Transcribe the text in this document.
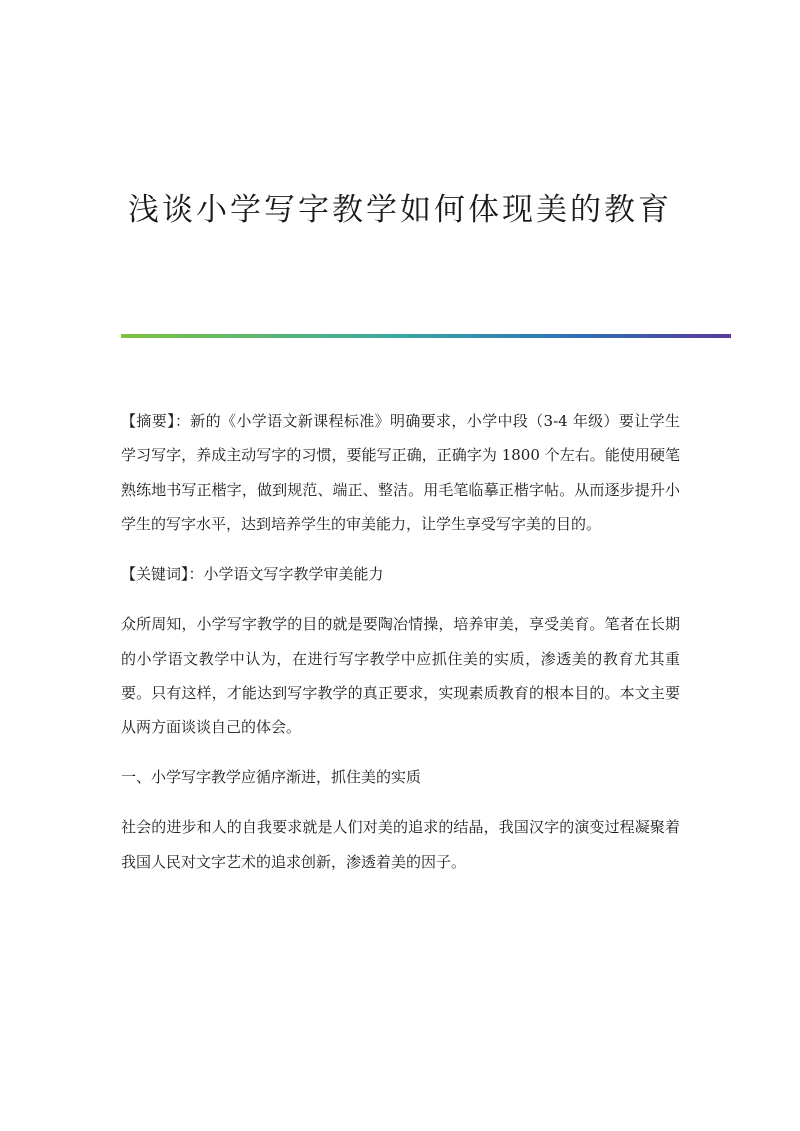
浅谈小学写字教学如何体现美的教育

【摘要】：新的《小学语文新课程标准》明确要求，小学中段（3-4 年级）要让学生学习写字，养成主动写字的习惯，要能写正确，正确字为 1800 个左右。能使用硬笔熟练地书写正楷字，做到规范、端正、整洁。用毛笔临摹正楷字帖。从而逐步提升小学生的写字水平，达到培养学生的审美能力，让学生享受写字美的目的。

【关键词】：小学语文写字教学审美能力

众所周知，小学写字教学的目的就是要陶冶情操，培养审美，享受美育。笔者在长期的小学语文教学中认为，在进行写字教学中应抓住美的实质，渗透美的教育尤其重要。只有这样，才能达到写字教学的真正要求，实现素质教育的根本目的。本文主要从两方面谈谈自己的体会。

一、小学写字教学应循序渐进，抓住美的实质

社会的进步和人的自我要求就是人们对美的追求的结晶，我国汉字的演变过程凝聚着我国人民对文字艺术的追求创新，渗透着美的因子。
